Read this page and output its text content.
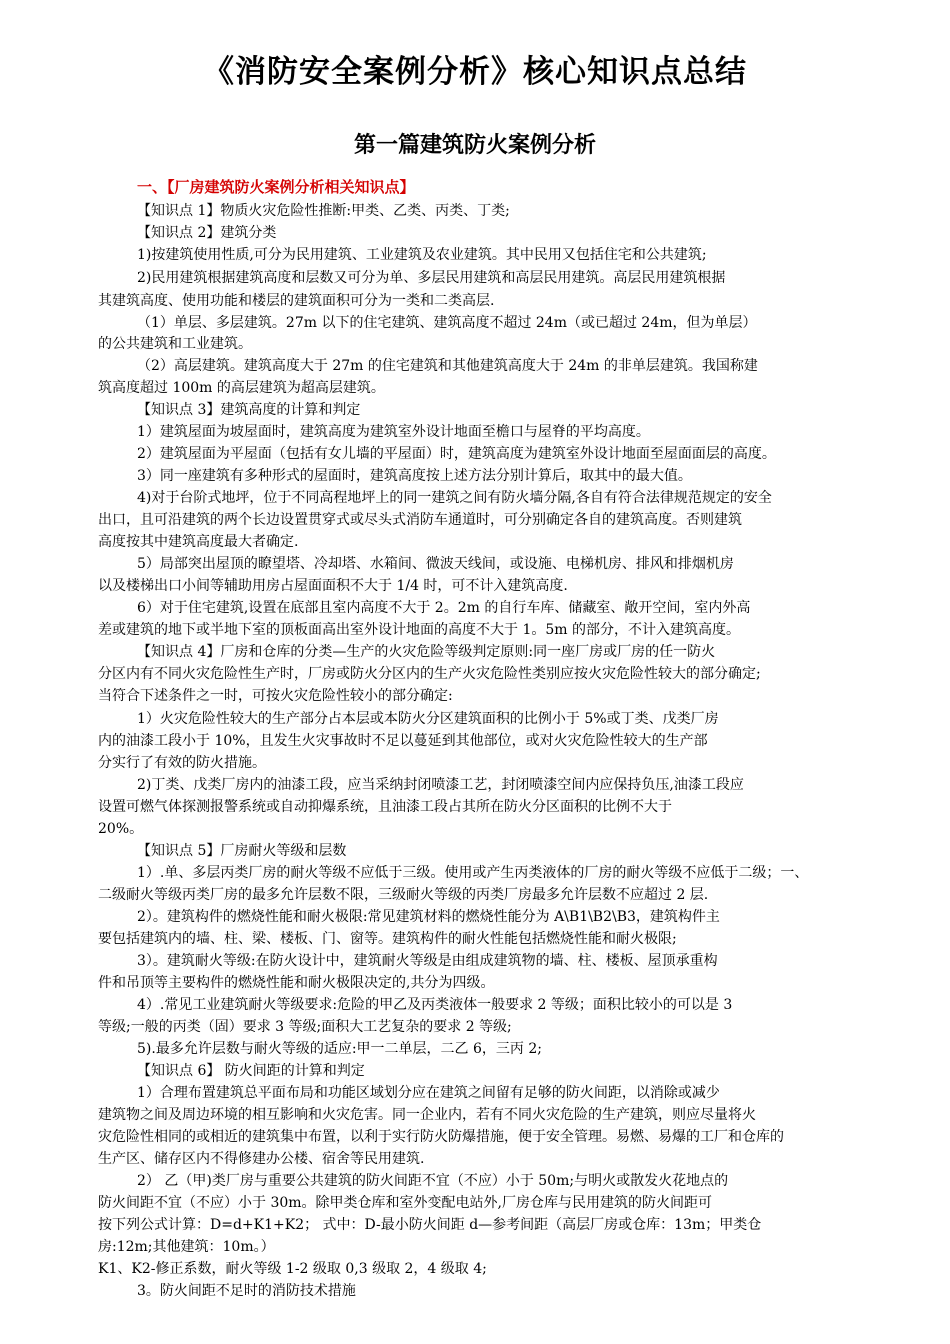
《消防安全案例分析》核心知识点总结
第一篇建筑防火案例分析
一、【厂房建筑防火案例分析相关知识点】
【知识点 1】物质火灾危险性推断:甲类、乙类、丙类、丁类;
【知识点 2】建筑分类
1)按建筑使用性质,可分为民用建筑、工业建筑及农业建筑。其中民用又包括住宅和公共建筑;
2)民用建筑根据建筑高度和层数又可分为单、多层民用建筑和高层民用建筑。高层民用建筑根据
其建筑高度、使用功能和楼层的建筑面积可分为一类和二类高层.
（1）单层、多层建筑。27m 以下的住宅建筑、建筑高度不超过 24m（或已超过 24m，但为单层）
的公共建筑和工业建筑。
（2）高层建筑。建筑高度大于 27m 的住宅建筑和其他建筑高度大于 24m 的非单层建筑。我国称建
筑高度超过 100m 的高层建筑为超高层建筑。
【知识点 3】建筑高度的计算和判定
1）建筑屋面为坡屋面时，建筑高度为建筑室外设计地面至檐口与屋脊的平均高度。
2）建筑屋面为平屋面（包括有女儿墙的平屋面）时，建筑高度为建筑室外设计地面至屋面面层的高度。
3）同一座建筑有多种形式的屋面时，建筑高度按上述方法分别计算后，取其中的最大值。
4)对于台阶式地坪，位于不同高程地坪上的同一建筑之间有防火墙分隔,各自有符合法律规范规定的安全
出口，且可沿建筑的两个长边设置贯穿式或尽头式消防车通道时，可分别确定各自的建筑高度。否则建筑
高度按其中建筑高度最大者确定.
5）局部突出屋顶的瞭望塔、冷却塔、水箱间、微波天线间，或设施、电梯机房、排风和排烟机房
以及楼梯出口小间等辅助用房占屋面面积不大于 1/4 时，可不计入建筑高度.
6）对于住宅建筑,设置在底部且室内高度不大于 2。2m 的自行车库、储藏室、敞开空间，室内外高
差或建筑的地下或半地下室的顶板面高出室外设计地面的高度不大于 1。5m 的部分，不计入建筑高度。
【知识点 4】厂房和仓库的分类—生产的火灾危险等级判定原则:同一座厂房或厂房的任一防火
分区内有不同火灾危险性生产时，厂房或防火分区内的生产火灾危险性类别应按火灾危险性较大的部分确定;
当符合下述条件之一时，可按火灾危险性较小的部分确定:
1）火灾危险性较大的生产部分占本层或本防火分区建筑面积的比例小于 5%或丁类、戊类厂房
内的油漆工段小于 10%，且发生火灾事故时不足以蔓延到其他部位，或对火灾危险性较大的生产部
分实行了有效的防火措施。
2)丁类、戊类厂房内的油漆工段，应当采纳封闭喷漆工艺，封闭喷漆空间内应保持负压,油漆工段应
设置可燃气体探测报警系统或自动抑爆系统，且油漆工段占其所在防火分区面积的比例不大于
20%。
【知识点 5】厂房耐火等级和层数
1）.单、多层丙类厂房的耐火等级不应低于三级。使用或产生丙类液体的厂房的耐火等级不应低于二级；一、
二级耐火等级丙类厂房的最多允许层数不限，三级耐火等级的丙类厂房最多允许层数不应超过 2 层.
2）。建筑构件的燃烧性能和耐火极限:常见建筑材料的燃烧性能分为 A\B1\B2\B3，建筑构件主
要包括建筑内的墙、柱、梁、楼板、门、窗等。建筑构件的耐火性能包括燃烧性能和耐火极限;
3）。建筑耐火等级:在防火设计中，建筑耐火等级是由组成建筑物的墙、柱、楼板、屋顶承重构
件和吊顶等主要构件的燃烧性能和耐火极限决定的,共分为四级。
4）.常见工业建筑耐火等级要求:危险的甲乙及丙类液体一般要求 2 等级；面积比较小的可以是 3
等级;一般的丙类（固）要求 3 等级;面积大工艺复杂的要求 2 等级;
5).最多允许层数与耐火等级的适应:甲一二单层，二乙 6，三丙 2;
【知识点 6】 防火间距的计算和判定
1）合理布置建筑总平面布局和功能区域划分应在建筑之间留有足够的防火间距，以消除或减少
建筑物之间及周边环境的相互影响和火灾危害。同一企业内，若有不同火灾危险的生产建筑，则应尽量将火
灾危险性相同的或相近的建筑集中布置，以利于实行防火防爆措施，便于安全管理。易燃、易爆的工厂和仓库的
生产区、储存区内不得修建办公楼、宿舍等民用建筑.
2） 乙（甲)类厂房与重要公共建筑的防火间距不宜（不应）小于 50m;与明火或散发火花地点的
防火间距不宜（不应）小于 30m。除甲类仓库和室外变配电站外,厂房仓库与民用建筑的防火间距可
按下列公式计算：D=d+K1+K2； 式中：D-最小防火间距 d—参考间距（高层厂房或仓库：13m；甲类仓
房:12m;其他建筑：10m。）
K1、K2-修正系数，耐火等级 1-2 级取 0,3 级取 2，4 级取 4;
3。防火间距不足时的消防技术措施
